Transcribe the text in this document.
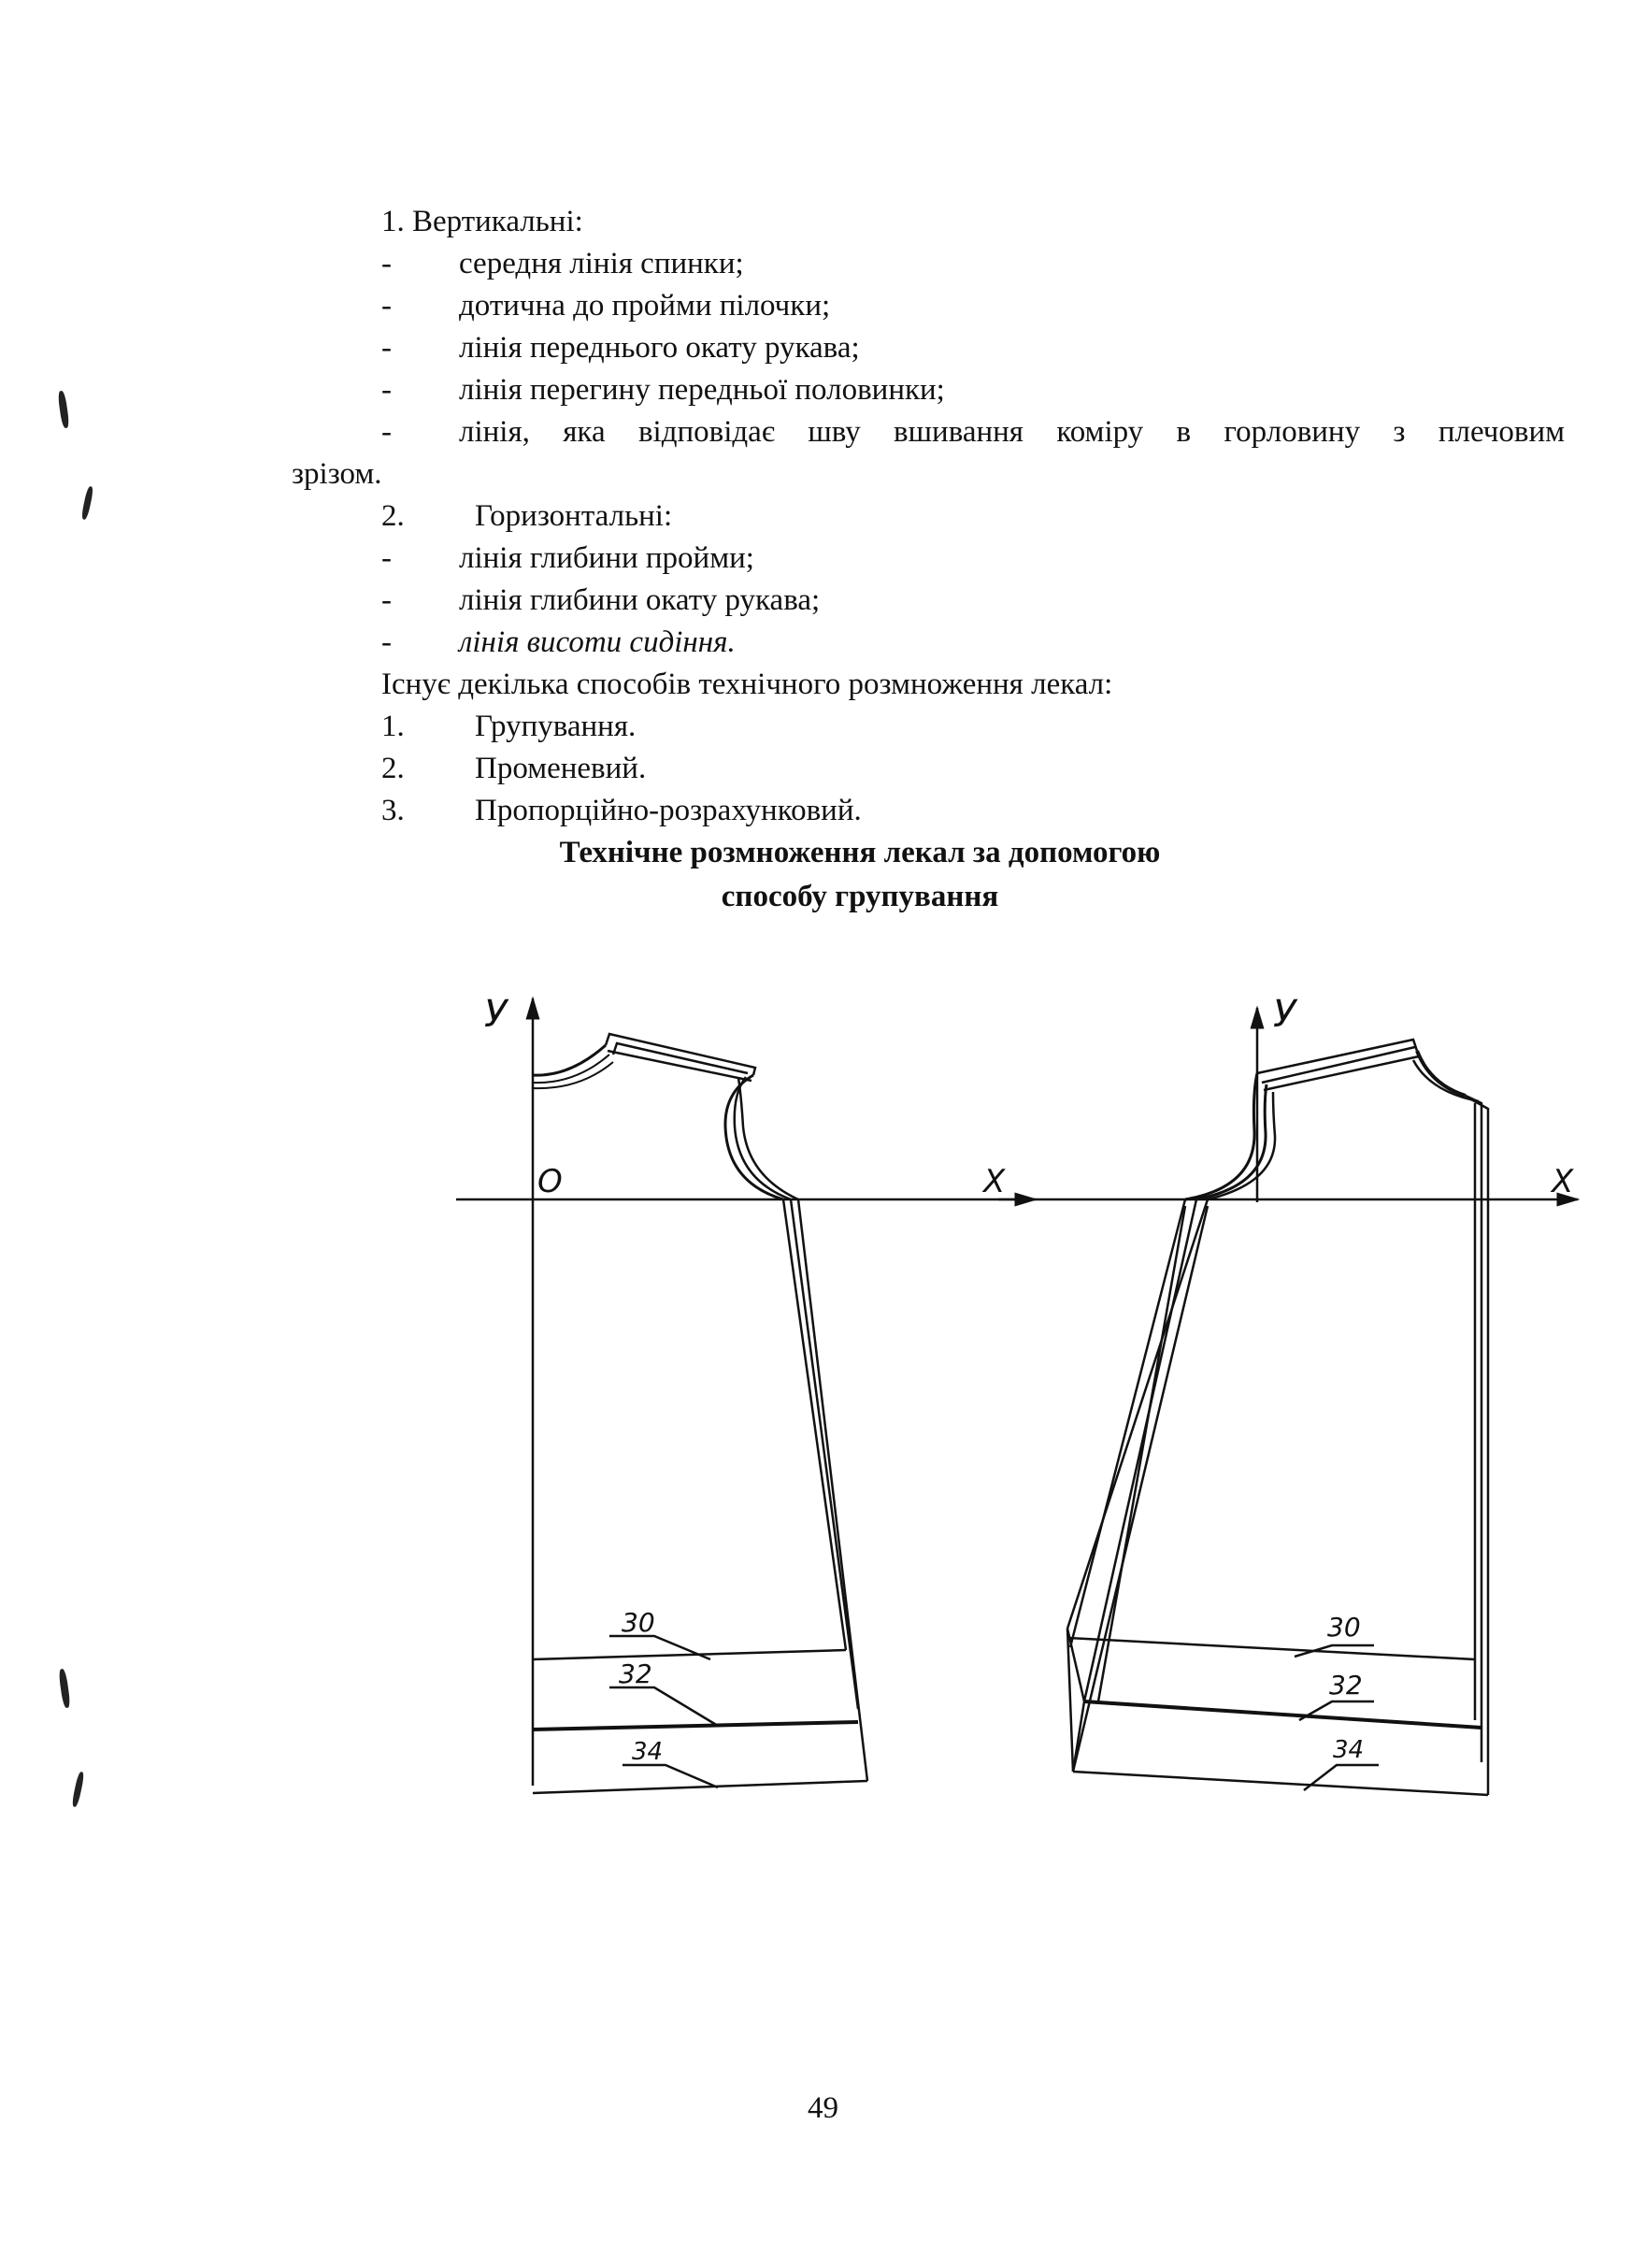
1. Вертикальні:
- середня лінія спинки;
- дотична до пройми пілочки;
- лінія переднього окату рукава;
- лінія перегину передньої половинки;
- лінія, яка відповідає шву вшивання коміру в горловину з плечовим
зрізом.
2. Горизонтальні:
- лінія глибини пройми;
- лінія глибини окату рукава;
- лінія висоти сидіння.
Існує декілька способів технічного розмноження лекал:
1. Групування.
2. Променевий.
3. Пропорційно-розрахунковий.
Технічне розмноження лекал за допомогою
способу групування
У
О	Х
30
32
34
У
Х
30
32
34
49
